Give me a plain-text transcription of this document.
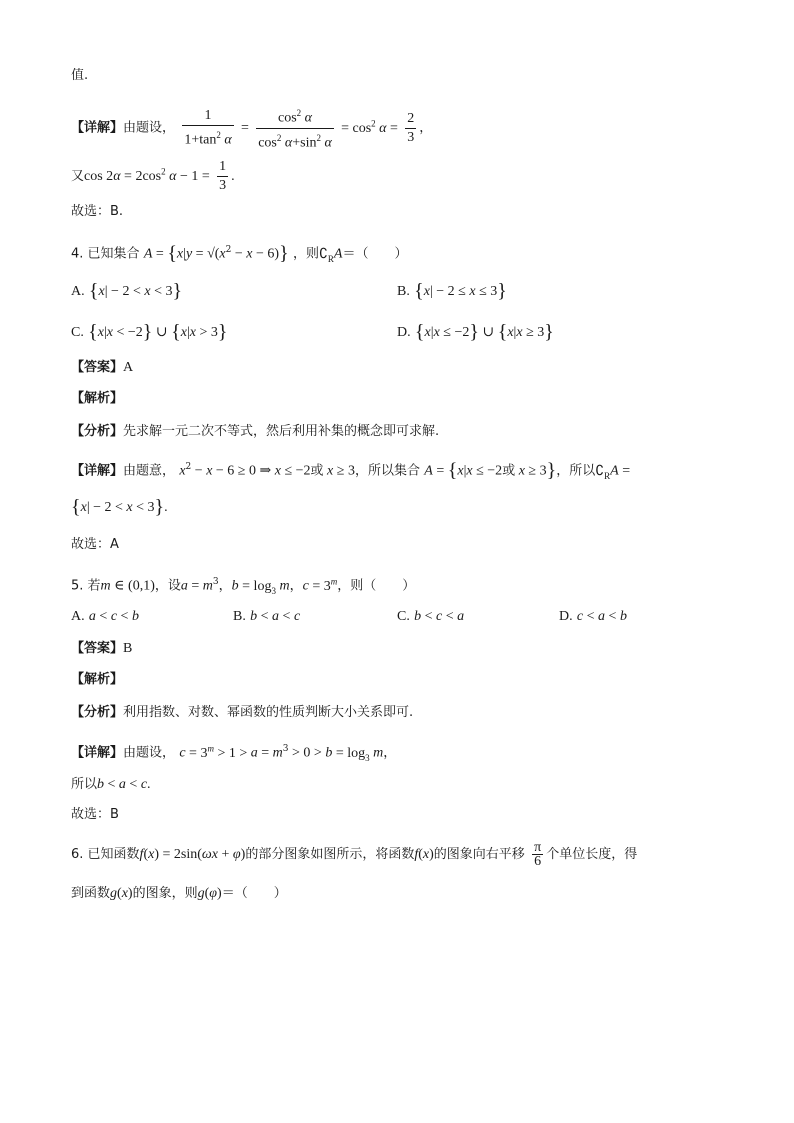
值.
【详解】由题设， $\frac{1}{1+\tan^2 \alpha} = \frac{\cos^2 \alpha}{\cos^2 \alpha+\sin^2 \alpha} = \cos^2 \alpha = \frac{2}{3}$ ，
又$\cos 2\alpha = 2\cos^2$ $\alpha - 1 = \frac{1}{3}$ .
故选：B.
4. 已知集合 $A = \{x|y = √(x^2 - x - 6)\}$ ，则$∁_RA=$（　　）
A. {x| − 2 < x < 3}	B. {x| − 2 ≤ x ≤ 3}
C. {x|x < −2} ∪ {x|x > 3}	D. {x|x ≤ −2} ∪ {x|x ≥ 3}
【答案】A
【解析】
【分析】先求解一元二次不等式，然后利用补集的概念即可求解.
【详解】由题意， $x^2 - x - 6 \ge 0$ ⇒ x ≤ −2或 x ≥ 3，所以集合 A = {x|x ≤ −2或 x ≥ 3}，所以$∁_RA$ =
{x| − 2 < x < 3}.
故选：A
5. 若m ∈ (0,1)，设$a = m^3$，$b = \log_3 m$，$c = 3^m$，则（　　）
A. a < c < b	B. b < a < c	C. b < c < a	D. c < a < b
【答案】B
【解析】
【分析】利用指数、对数、幂函数的性质判断大小关系即可.
【详解】由题设， $c = 3^m > 1 > a = m^3 > 0 > b = \log_3 m$，
所以b < a < c.
故选：B
6. 已知函数f(x) = 2sin(ωx + φ)的部分图象如图所示，将函数f(x)的图象向右平移 $\frac{\pi}{6}$ 个单位长度，得
到函数g(x)的图象，则g(φ)＝（　　）
